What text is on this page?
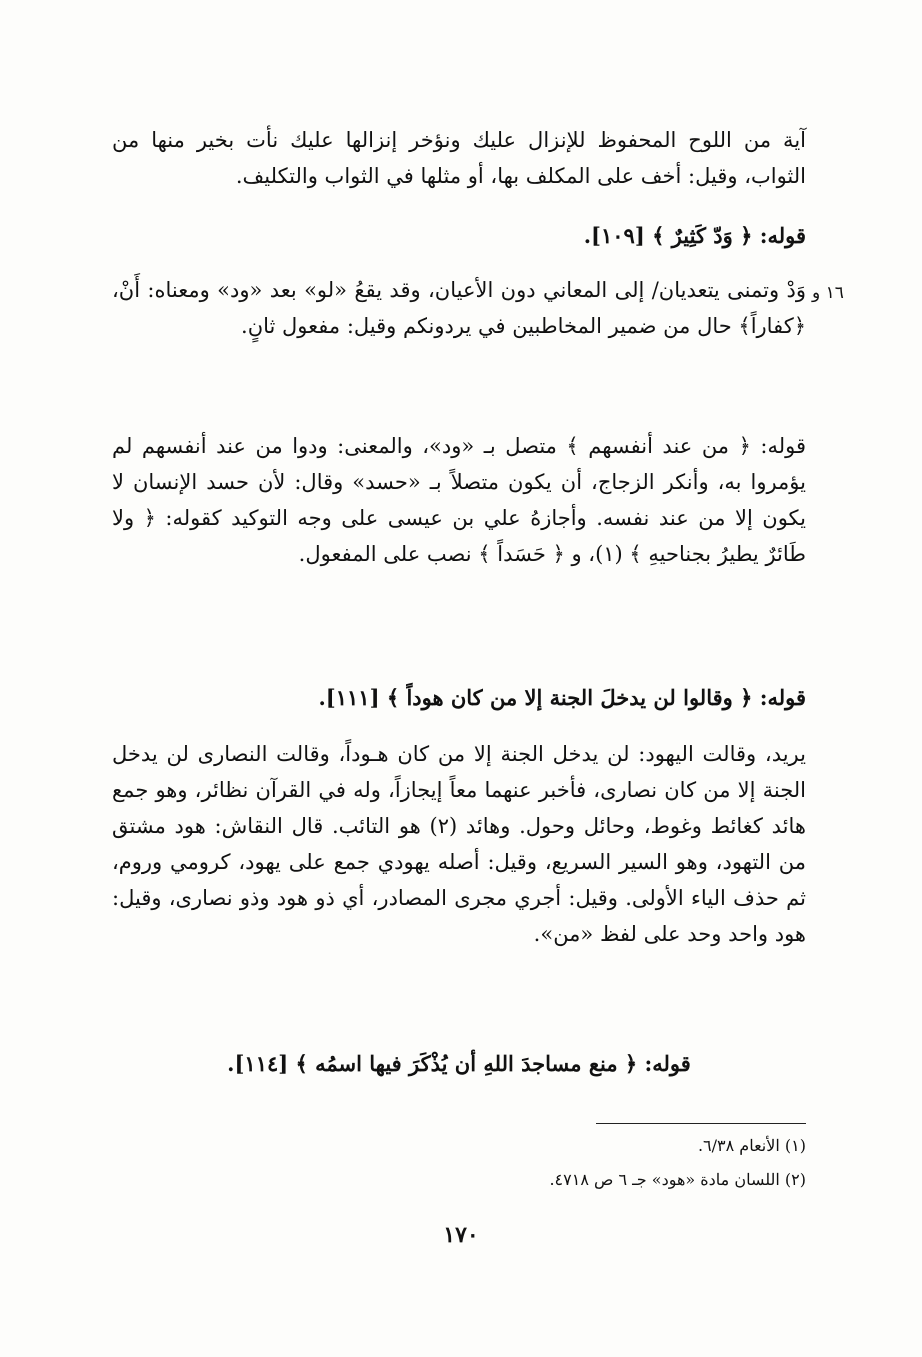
آية من اللوح المحفوظ للإنزال عليك ونؤخر إنزالها عليك نأت بخير منها من الثواب، وقيل: أخف على المكلف بها، أو مثلها في الثواب والتكليف.

قوله: ﴿ وَدّ كَثِيرٌ ﴾ [١٠٩].

١٦ و

وَدْ وتمنى يتعديان/ إلى المعاني دون الأعيان، وقد يقعُ «لو» بعد «ود» ومعناه: أَنْ، ﴿كفاراً﴾ حال من ضمير المخاطبين في يردونكم وقيل: مفعول ثانٍ.

قوله: ﴿ من عند أنفسهم ﴾ متصل بـ «ود»، والمعنى: ودوا من عند أنفسهم لم يؤمروا به، وأنكر الزجاج، أن يكون متصلاً بـ «حسد» وقال: لأن حسد الإنسان لا يكون إلا من عند نفسه. وأجازهُ علي بن عيسى على وجه التوكيد كقوله: ﴿ ولا طَائرٌ يطيرُ بجناحيهِ ﴾ (١)، و ﴿ حَسَداً ﴾ نصب على المفعول.

قوله: ﴿ وقالوا لن يدخلَ الجنة إلا من كان هوداً ﴾ [١١١].

يريد، وقالت اليهود: لن يدخل الجنة إلا من كان هـوداً، وقالت النصارى لن يدخل الجنة إلا من كان نصارى، فأخبر عنهما معاً إيجازاً، وله في القرآن نظائر، وهو جمع هائد كغائط وغوط، وحائل وحول. وهائد (٢) هو التائب. قال النقاش: هود مشتق من التهود، وهو السير السريع، وقيل: أصله يهودي جمع على يهود، كرومي وروم، ثم حذف الياء الأولى. وقيل: أجري مجرى المصادر، أي ذو هود وذو نصارى، وقيل: هود واحد وحد على لفظ «من».

قوله: ﴿ منع مساجدَ اللهِ أن يُذْكَرَ فيها اسمُه ﴾ [١١٤].

(١) الأنعام ٦/٣٨.
(٢) اللسان مادة «هود» جـ ٦ ص ٤٧١٨.
١٧٠
